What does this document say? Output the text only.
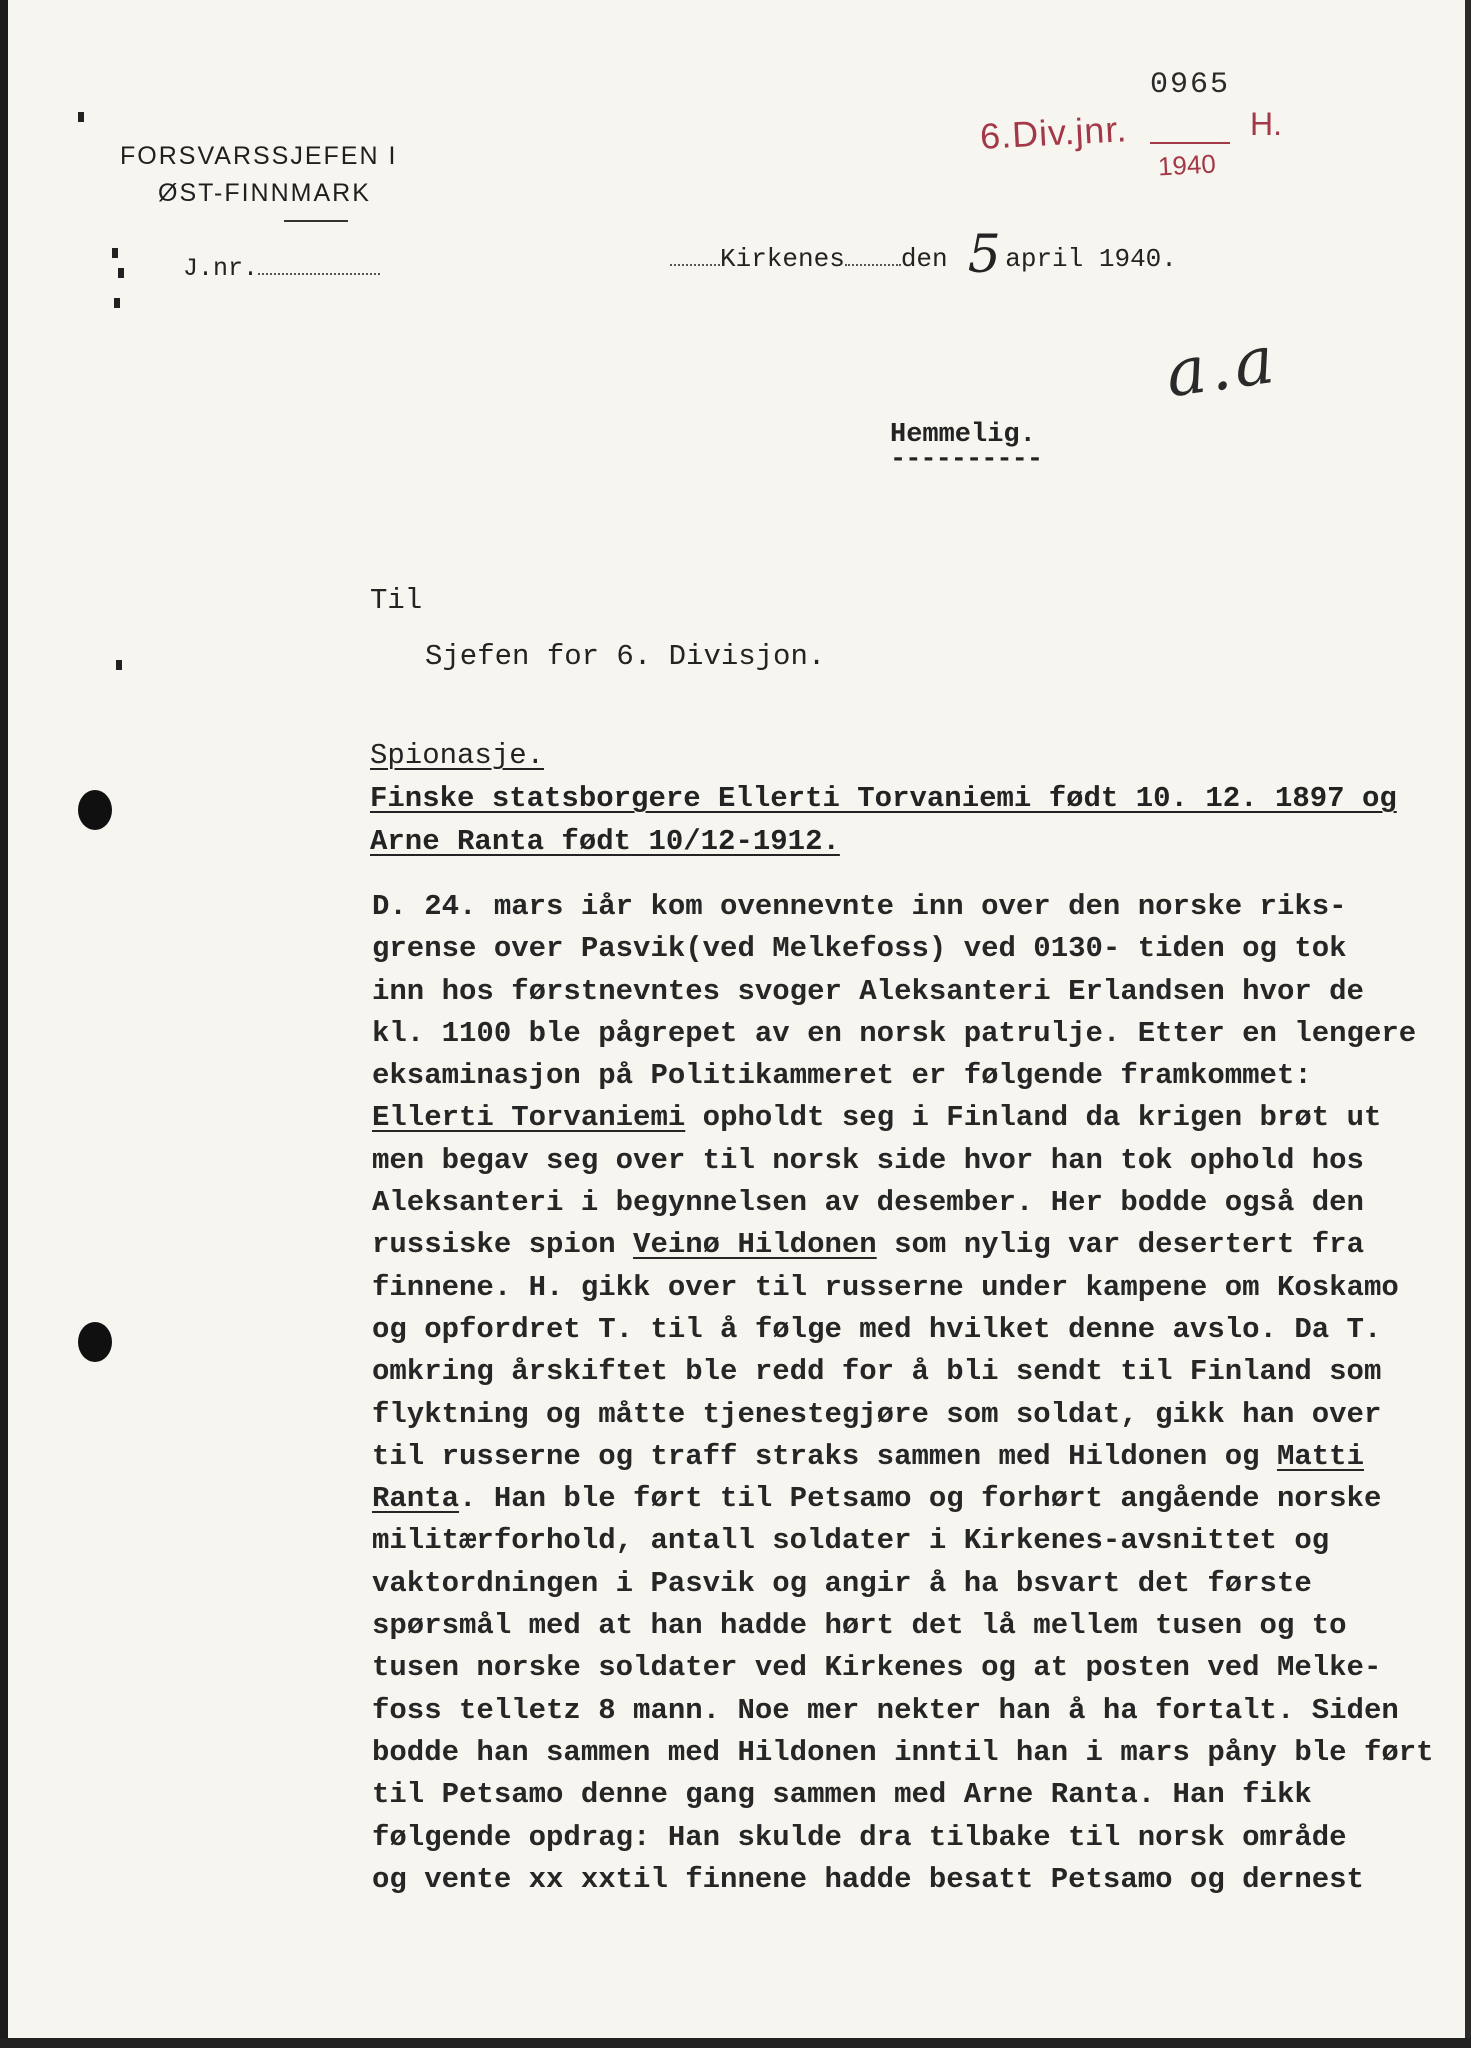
FORSVARSSJEFEN I
ØST-FINNMARK
J.nr.	Kirkenes den 5 april 1940.
0965
6.Div.jnr.	H.
1940
a.a
Hemmelig.
----------
Til
Sjefen for 6. Divisjon.
Spionasje.
Finske statsborgere Ellerti Torvaniemi født 10. 12. 1897 og
Arne Ranta født 10/12-1912.
D. 24. mars iår kom ovennevnte inn over den norske riks-
grense over Pasvik(ved Melkefoss) ved 0130- tiden og tok
inn hos førstnevntes svoger Aleksanteri Erlandsen hvor de
kl. 1100 ble pågrepet av en norsk patrulje. Etter en lengere
eksaminasjon på Politikammeret er følgende framkommet:
Ellerti Torvaniemi opholdt seg i Finland da krigen brøt ut
men begav seg over til norsk side hvor han tok ophold hos
Aleksanteri i begynnelsen av desember. Her bodde også den
russiske spion Veinø Hildonen som nylig var desertert fra
finnene. H. gikk over til russerne under kampene om Koskamo
og opfordret T. til å følge med hvilket denne avslo. Da T.
omkring årskiftet ble redd for å bli sendt til Finland som
flyktning og måtte tjenestegjøre som soldat, gikk han over
til russerne og traff straks sammen med Hildonen og Matti
Ranta. Han ble ført til Petsamo og forhørt angående norske
militærforhold, antall soldater i Kirkenes-avsnittet og
vaktordningen i Pasvik og angir å ha bsvart det første
spørsmål med at han hadde hørt det lå mellem tusen og to
tusen norske soldater ved Kirkenes og at posten ved Melke-
foss telletz 8 mann. Noe mer nekter han å ha fortalt. Siden
bodde han sammen med Hildonen inntil han i mars påny ble ført
til Petsamo denne gang sammen med Arne Ranta. Han fikk
følgende opdrag: Han skulde dra tilbake til norsk område
og vente xx xxtil finnene hadde besatt Petsamo og dernest
